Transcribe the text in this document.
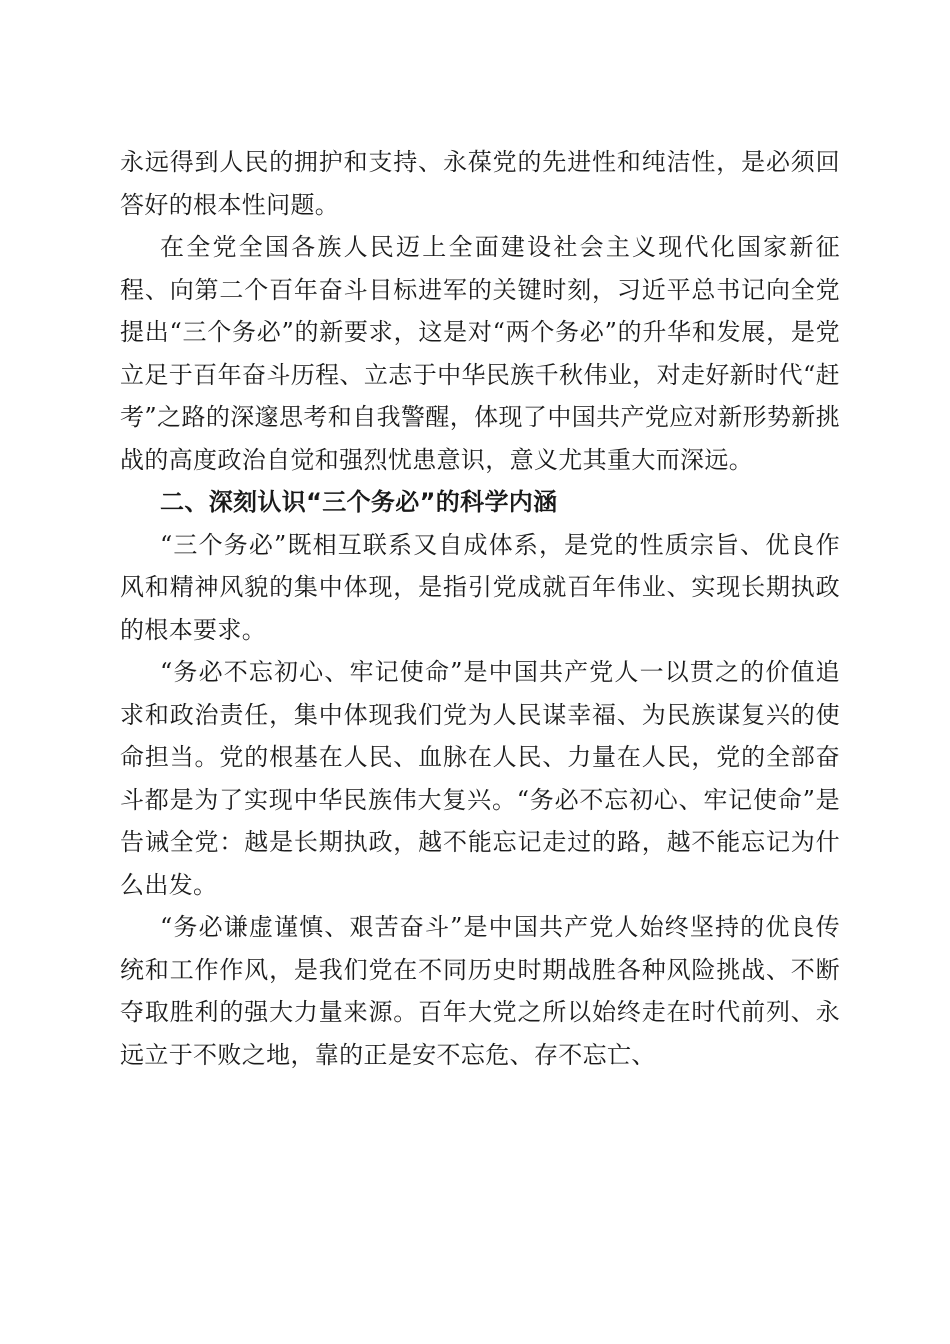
永远得到人民的拥护和支持、永葆党的先进性和纯洁性，是必须回答好的根本性问题。

在全党全国各族人民迈上全面建设社会主义现代化国家新征程、向第二个百年奋斗目标进军的关键时刻，习近平总书记向全党提出“三个务必”的新要求，这是对“两个务必”的升华和发展，是党立足于百年奋斗历程、立志于中华民族千秋伟业，对走好新时代“赶考”之路的深邃思考和自我警醒，体现了中国共产党应对新形势新挑战的高度政治自觉和强烈忧患意识，意义尤其重大而深远。

二、深刻认识“三个务必”的科学内涵

“三个务必”既相互联系又自成体系，是党的性质宗旨、优良作风和精神风貌的集中体现，是指引党成就百年伟业、实现长期执政的根本要求。

“务必不忘初心、牢记使命”是中国共产党人一以贯之的价值追求和政治责任，集中体现我们党为人民谋幸福、为民族谋复兴的使命担当。党的根基在人民、血脉在人民、力量在人民，党的全部奋斗都是为了实现中华民族伟大复兴。“务必不忘初心、牢记使命”是告诫全党：越是长期执政，越不能忘记走过的路，越不能忘记为什么出发。

“务必谦虚谨慎、艰苦奋斗”是中国共产党人始终坚持的优良传统和工作作风，是我们党在不同历史时期战胜各种风险挑战、不断夺取胜利的强大力量来源。百年大党之所以始终走在时代前列、永远立于不败之地，靠的正是安不忘危、存不忘亡、
